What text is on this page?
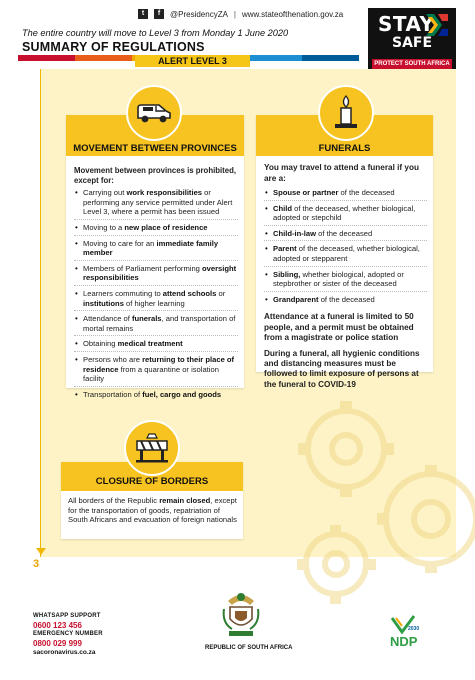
t	f	@PresidencyZA | www.stateofthenation.gov.za
The entire country will move to Level 3 from Monday 1 June 2020
SUMMARY OF REGULATIONS
ALERT LEVEL 3
STAY
SAFE
PROTECT SOUTH AFRICA
3
MOVEMENT BETWEEN PROVINCES
Movement between provinces is prohibited, except for:
• Carrying out work responsibilities or performing any service permitted under Alert Level 3, where a permit has been issued
• Moving to a new place of residence
• Moving to care for an immediate family member
• Members of Parliament performing oversight responsibilities
• Learners commuting to attend schools or institutions of higher learning
• Attendance of funerals, and transportation of mortal remains
• Obtaining medical treatment
• Persons who are returning to their place of residence from a quarantine or isolation facility
• Transportation of fuel, cargo and goods
FUNERALS
You may travel to attend a funeral if you are a:
• Spouse or partner of the deceased
• Child of the deceased, whether biological, adopted or stepchild
• Child-in-law of the deceased
• Parent of the deceased, whether biological, adopted or stepparent
• Sibling, whether biological, adopted or stepbrother or sister of the deceased
• Grandparent of the deceased
Attendance at a funeral is limited to 50 people, and a permit must be obtained from a magistrate or police station
During a funeral, all hygienic conditions and distancing measures must be followed to limit exposure of persons at the funeral to COVID-19
CLOSURE OF BORDERS
All borders of the Republic remain closed, except for the transportation of goods, repatriation of South Africans and evacuation of foreign nationals
WHATSAPP SUPPORT
0600 123 456
EMERGENCY NUMBER
0800 029 999
sacoronavirus.co.za
REPUBLIC OF SOUTH AFRICA
2030
NDP
